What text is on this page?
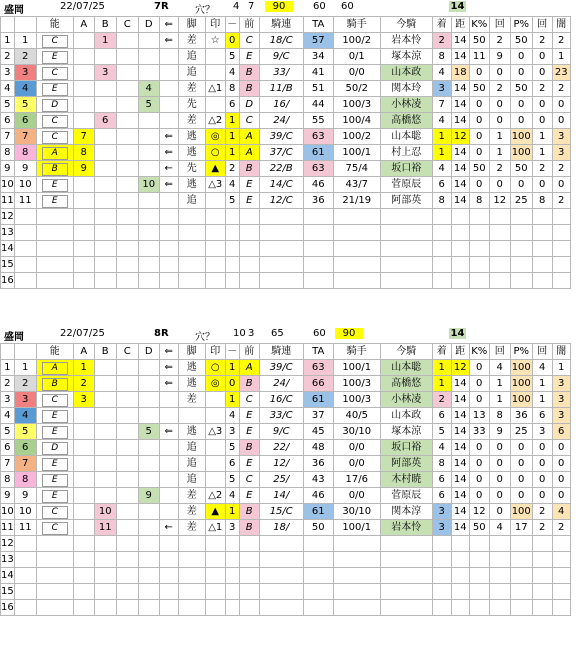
盛岡	22/07/25	7R	穴？ 4 7	90	60 60	14
		能	A	B	C	D	⇐	脚	印	－	前	騎連	TA	騎手	今騎	着	距	K%	回	P%	回	闇
1	1	C		1			⇐	差	☆	0	C	18/C	57	100/2	岩本怜	2	14	50	2	50	2	2
2	2	E						追		5	E	9/C	34	0/1	塚本涼	8	14	11	9	0	0	1
3	3	C		3				追		4	B	33/	41	0/0	山本政	4	18	0	0	0	0	23
4	4	E				4		差	△1	8	B	11/B	51	50/2	関本玲	3	14	50	2	50	2	2
5	5	D				5		先		6	D	16/	44	100/3	小林凌	7	14	0	0	0	0	0
6	6	C		6				差	△2	1	C	24/	55	100/4	高橋悠	4	14	0	0	0	0	0
7	7	C	7				⇐	逃	◎	1	A	39/C	63	100/2	山本聡	1	12	0	1	100	1	3
8	8	A	8				⇐	逃	○	1	A	37/C	61	100/1	村上忍	1	14	0	1	100	1	3
9	9	B	9				←	先	▲	2	B	22/B	63	75/4	坂口裕	4	14	50	2	50	2	2
10	10	E				10	⇐	逃	△3	4	E	14/C	46	43/7	菅原辰	6	14	0	0	0	0	0
11	11	E						追		5	E	12/C	36	21/19	阿部英	8	14	8	12	25	8	2
12																						
13																						
14																						
15																						
16																						
盛岡	22/07/25	8R	穴？ 10 3 65	60	90	14
		能	A	B	C	D	⇐	脚	印	－	前	騎連	TA	騎手	今騎	着	距	K%	回	P%	回	闇
1	1	A	1				⇐	逃	○	1	A	39/C	63	100/1	山本聡	1	12	0	4	100	4	1
2	2	B	2				⇐	逃	◎	0	B	24/	66	100/3	高橋悠	1	14	0	1	100	1	3
3	3	C	3					差		1	C	16/C	61	100/3	小林凌	2	14	0	1	100	1	3
4	4	E								4	E	33/C	37	40/5	山本政	6	14	13	8	36	6	3
5	5	E				5	⇐	逃	△3	3	E	9/C	45	30/10	塚本涼	5	14	33	9	25	3	6
6	6	D						追		5	B	22/	48	0/0	坂口裕	4	14	0	0	0	0	0
7	7	E						追		6	E	12/	36	0/0	阿部英	8	14	0	0	0	0	0
8	8	E						追		5	C	25/	43	17/6	木村暁	6	14	0	0	0	0	0
9	9	E				9		差	△2	4	E	14/	46	0/0	菅原辰	6	14	0	0	0	0	0
10	10	C		10				差	▲	1	B	15/C	61	30/10	関本淳	3	14	12	0	100	2	4
11	11	C		11			←	差	△1	3	B	18/	50	100/1	岩本怜	3	14	50	4	17	2	2
12																						
13																						
14																						
15																						
16																						
